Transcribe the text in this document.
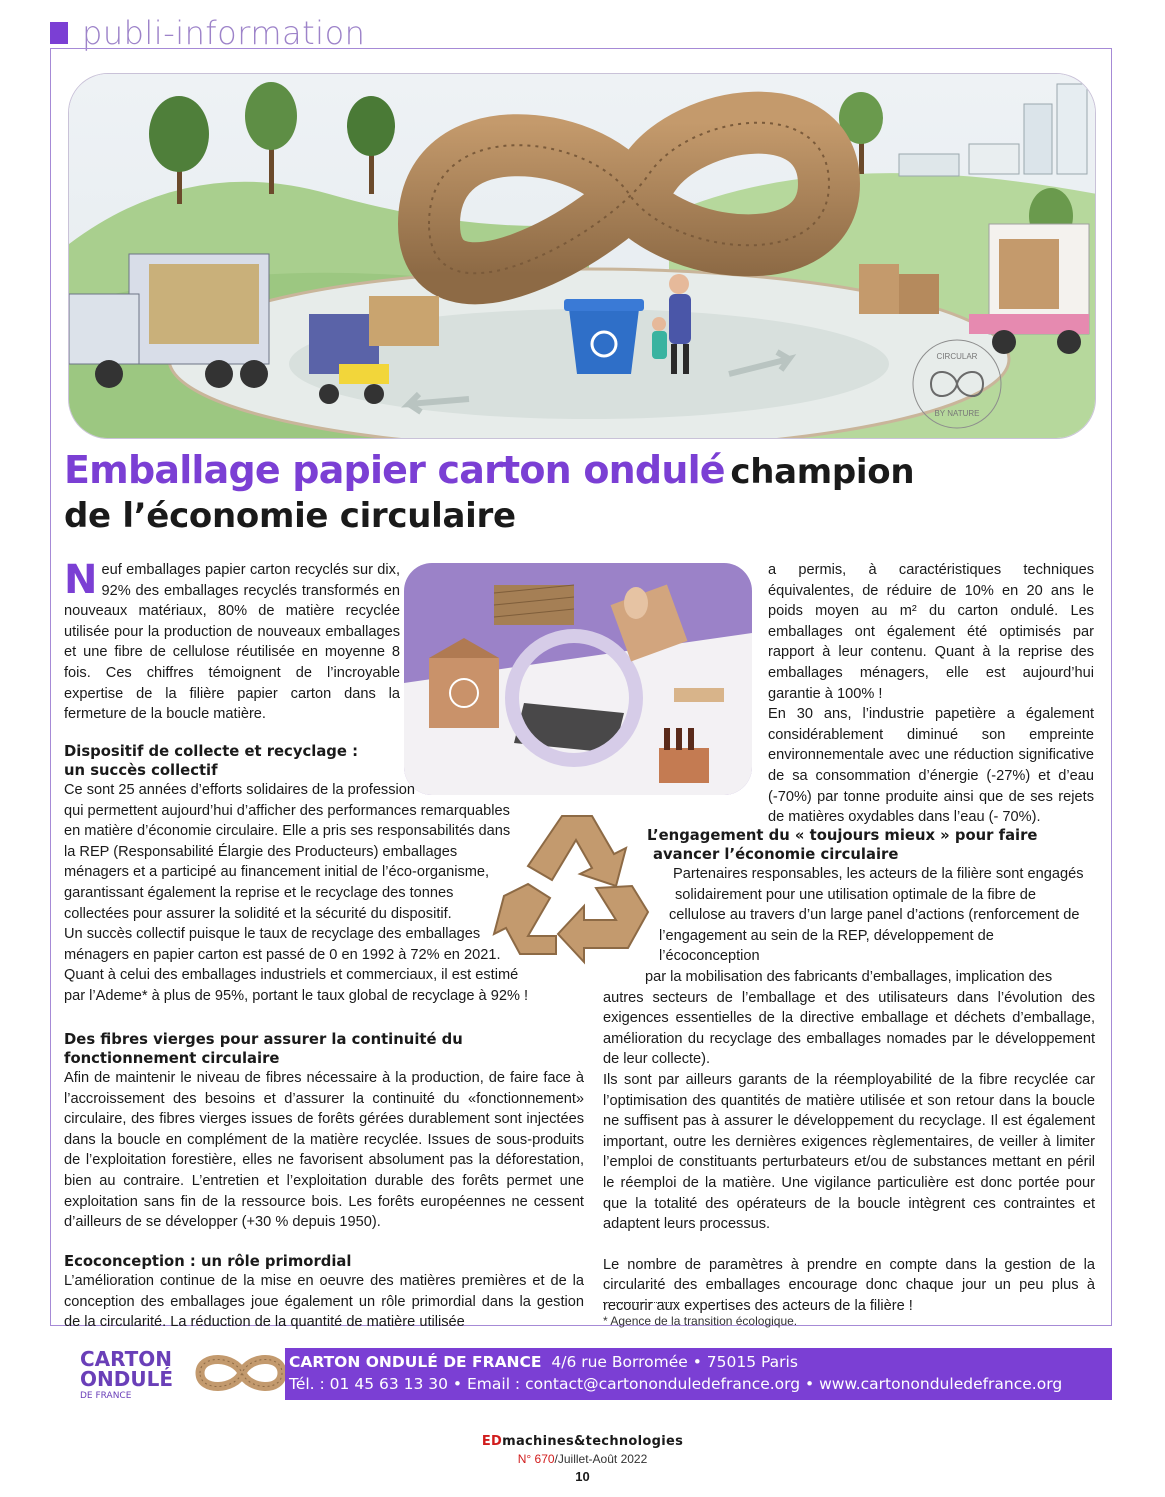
publi-information
CIRCULAR
BY NATURE
Emballage papier carton ondulé champion
de l’économie circulaire

Neuf emballages papier carton recyclés sur dix, 92% des emballages recyclés transformés en nouveaux matériaux, 80% de matière recyclée utilisée pour la production de nouveaux emballages et une fibre de cellulose réutilisée en moyenne 8 fois. Ces chiffres témoignent de l’incroyable expertise de la filière papier carton dans la fermeture de la boucle matière.

Dispositif de collecte et recyclage :
un succès collectif
Ce sont 25 années d’efforts solidaires de la profession
qui permettent aujourd’hui d’afficher des performances remarquables
en matière d’économie circulaire. Elle a pris ses responsabilités dans
la REP (Responsabilité Élargie des Producteurs) emballages
ménagers et a participé au financement initial de l’éco-organisme,
garantissant également la reprise et le recyclage des tonnes
collectées pour assurer la solidité et la sécurité du dispositif.
Un succès collectif puisque le taux de recyclage des emballages
ménagers en papier carton est passé de 0 en 1992 à 72% en 2021.
Quant à celui des emballages industriels et commerciaux, il est estimé
par l’Ademe* à plus de 95%, portant le taux global de recyclage à 92% !
Des fibres vierges pour assurer la continuité du
fonctionnement circulaire

Afin de maintenir le niveau de fibres nécessaire à la production, de faire face à l’accroissement des besoins et d’assurer la continuité du «fonctionnement» circulaire, des fibres vierges issues de forêts gérées durablement sont injectées dans la boucle en complément de la matière recyclée. Issues de sous-produits de l’exploitation forestière, elles ne favorisent absolument pas la déforestation, bien au contraire. L’entretien et l’exploitation durable des forêts permet une exploitation sans fin de la ressource bois. Les forêts européennes ne cessent d’ailleurs de se développer (+30 % depuis 1950).

Ecoconception : un rôle primordial

L’amélioration continue de la mise en oeuvre des matières premières et de la conception des emballages joue également un rôle primordial dans la gestion de la circularité. La réduction de la quantité de matière utilisée

a permis, à caractéristiques techniques équivalentes, de réduire de 10% en 20 ans le poids moyen au m² du carton ondulé. Les emballages ont également été optimisés par rapport à leur contenu. Quant à la reprise des emballages ménagers, elle est aujourd’hui garantie à 100% !

En 30 ans, l’industrie papetière a également considérablement diminué son empreinte environnementale avec une réduction significative de sa consommation d’énergie (-27%) et d’eau (-70%) par tonne produite ainsi que de ses rejets de matières oxydables dans l’eau (- 70%).

L’engagement du « toujours mieux » pour faire
avancer l’économie circulaire
Partenaires responsables, les acteurs de la filière sont engagés
solidairement pour une utilisation optimale de la fibre de
cellulose au travers d’un large panel d’actions (renforcement de
l’engagement au sein de la REP, développement de l’écoconception
par la mobilisation des fabricants d’emballages, implication des

autres secteurs de l’emballage et des utilisateurs dans l’évolution des exigences essentielles de la directive emballage et déchets d’emballage, amélioration du recyclage des emballages nomades par le développement de leur collecte).

Ils sont par ailleurs garants de la réemployabilité de la fibre recyclée car l’optimisation des quantités de matière utilisée et son retour dans la boucle ne suffisent pas à assurer le développement du recyclage. Il est également important, outre les dernières exigences règlementaires, de veiller à limiter l’emploi de constituants perturbateurs et/ou de substances mettant en péril le réemploi de la matière. Une vigilance particulière est donc portée pour que la totalité des opérateurs de la boucle intègrent ces contraintes et adaptent leurs processus.

Le nombre de paramètres à prendre en compte dans la gestion de la circularité des emballages encourage donc chaque jour un peu plus à recourir aux expertises des acteurs de la filière !

* Agence de la transition écologique.
CARTON
ONDULÉ
DE FRANCE
CARTON ONDULÉ DE FRANCE 4/6 rue Borromée • 75015 Paris
Tél. : 01 45 63 13 30 • Email : contact@cartononduledefrance.org • www.cartononduledefrance.org
EDmachines&technologies
N° 670/Juillet-Août 2022
10
